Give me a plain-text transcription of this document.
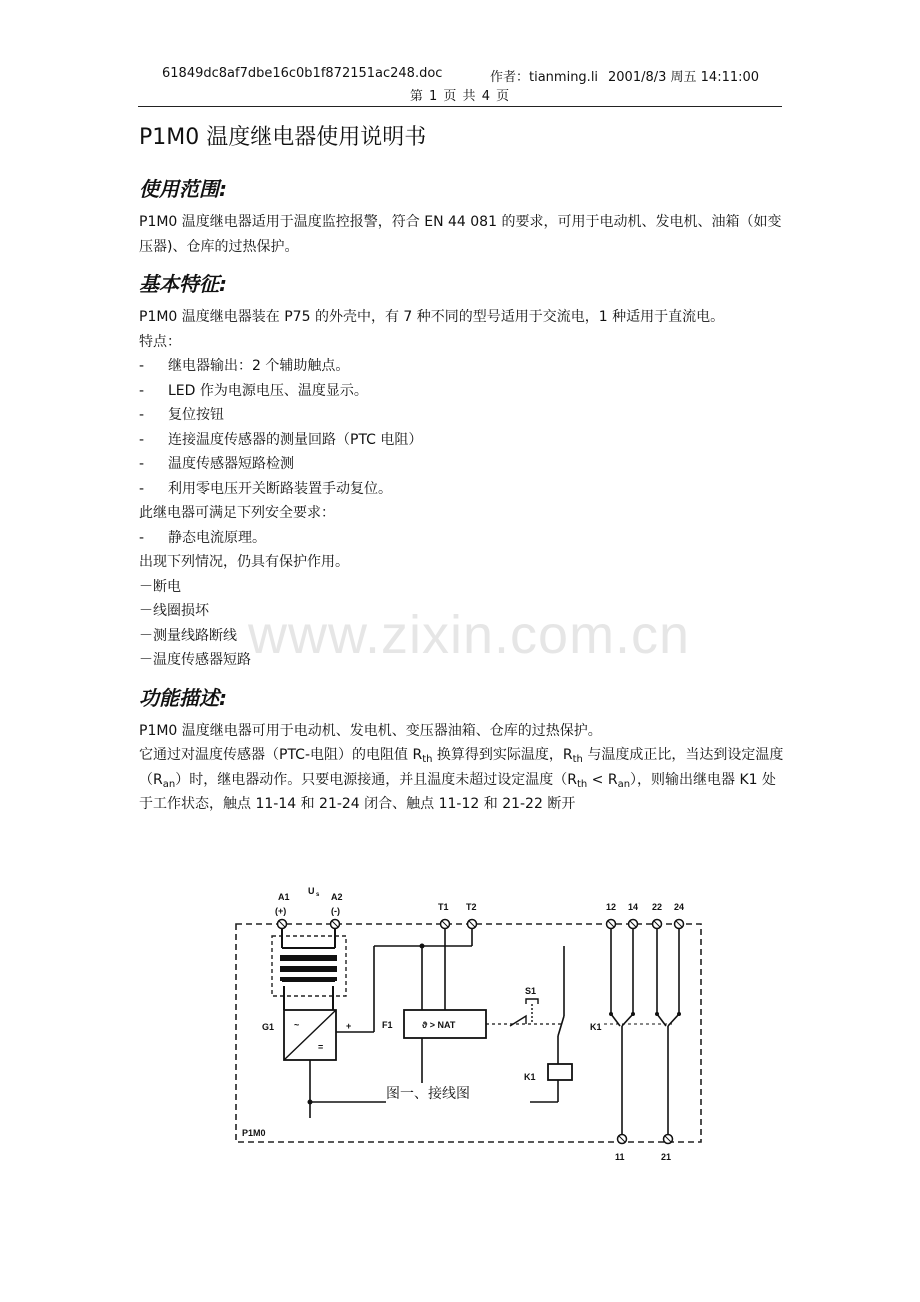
61849dc8af7dbe16c0b1f872151ac248.doc	作者：tianming.li 2001/8/3 周五 14:11:00
第 1 页 共 4 页
P1M0 温度继电器使用说明书
使用范围:

P1M0 温度继电器适用于温度监控报警，符合 EN 44 081 的要求，可用于电动机、发电机、油箱（如变压器)、仓库的过热保护。

基本特征:

P1M0 温度继电器装在 P75 的外壳中，有 7 种不同的型号适用于交流电，1 种适用于直流电。

特点：

- 继电器输出：2 个辅助触点。
- LED 作为电源电压、温度显示。
- 复位按钮
- 连接温度传感器的测量回路（PTC 电阻）
- 温度传感器短路检测
- 利用零电压开关断路装置手动复位。

此继电器可满足下列安全要求：

- 静态电流原理。

出现下列情况，仍具有保护作用。

－断电

－线圈损坏

－测量线路断线

－温度传感器短路

功能描述:

P1M0 温度继电器可用于电动机、发电机、变压器油箱、仓库的过热保护。

它通过对温度传感器（PTC-电阻）的电阻值 $R_{th}$ 换算得到实际温度，$R_{th}$ 与温度成正比，当达到设定温度$(R_{an})$时，继电器动作。只要电源接通，并且温度未超过设定温度$(R_{th} < R_{an})$，则输出继电器 K1 处于工作状态，触点 11-14 和 21-24 闭合、触点 11-12 和 21-22 断开

www.zixin.com.cn
A1
(+)
U s A2
(-)	T1 T2	12 14 22 24
G1 ~
=
+	F1	ϑ > NAT
S1
K1
K1
P1M0
11	21
图一、接线图
